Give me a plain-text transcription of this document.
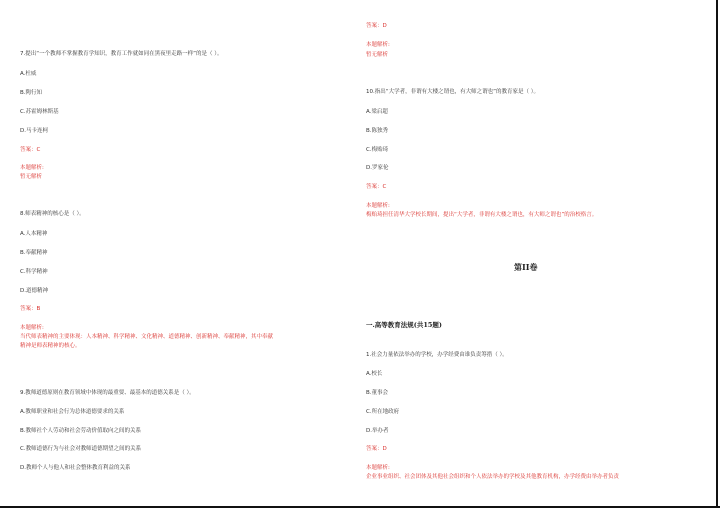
7.提出“一个教师不掌握教育学知识，教育工作就如同在黑夜里走路一样”的是（ ）。
A.杜威
B.陶行知
C.苏霍姆林斯基
D.马卡连柯
答案：C
本题解析:
暂无解析
8.师表精神的核心是（ ）。
A.人本精神
B.奉献精神
C.科学精神
D.道德精神
答案：B
本题解析:
当代师表精神的主要体现：人本精神、科学精神、文化精神、道德精神、创新精神、奉献精神，其中奉献
精神是师表精神的核心。
9.教师道德原则在教育领域中体现的最重要、最基本的道德关系是（ ）。
A.教师职业和社会行为总体道德要求的关系
B.教师社个人劳动和社会劳动价值取向之间的关系
C.教师道德行为与社会对教师道德期望之间的关系
D.教师个人与他人和社会整体教育利益的关系
答案：D
本题解析:
暂无解析
10.指出“大学者，非谓有大楼之谓也，有大师之谓也”的教育家是（ ）。
A.梁启超
B.陈独秀
C.梅贻琦
D.罗家伦
答案：C
本题解析:
梅贻琦担任清华大学校长期间，提出“大学者，非谓有大楼之谓也，有大师之谓也”的治校格言。
第II卷
一.高等教育法规(共15题)
1.社会力量依法举办的学校，办学经费由谁负责筹措（ ）。
A.校长
B.董事会
C.所在地政府
D.举办者
答案：D
本题解析:
企业事业组织、社会团体及其他社会组织和个人依法举办的学校及其他教育机构，办学经费由举办者负责
